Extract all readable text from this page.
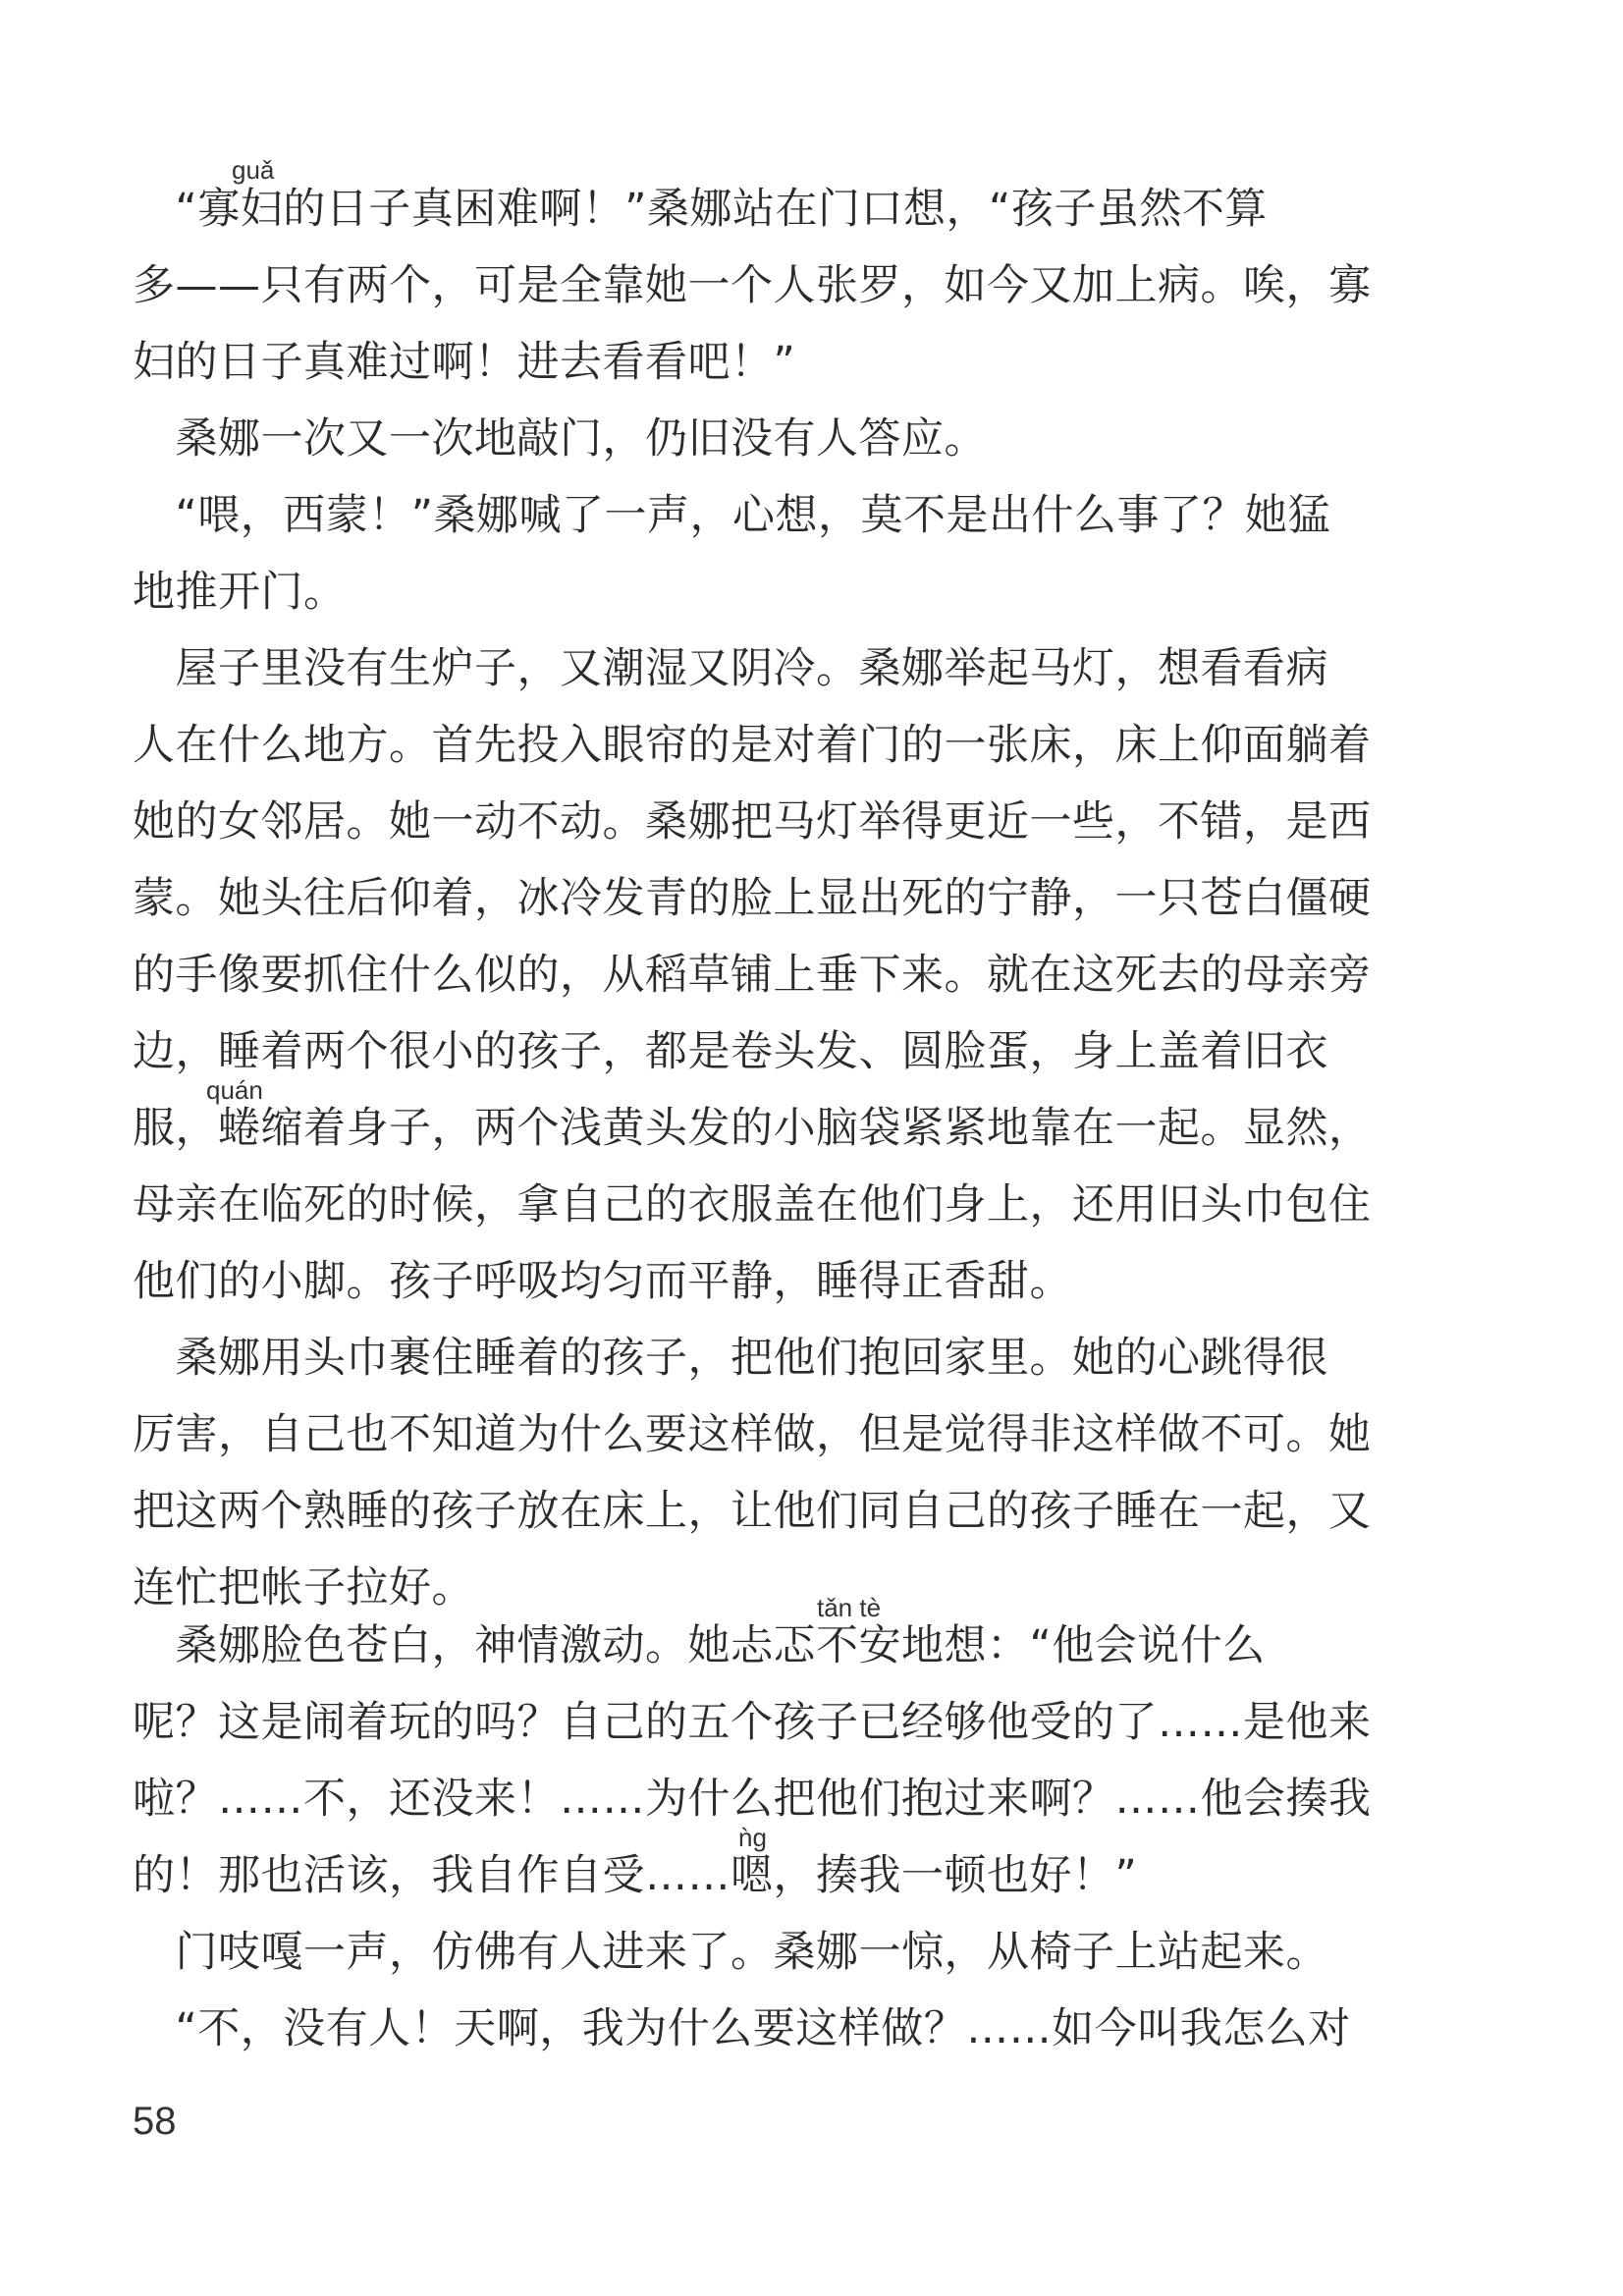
guǎ
　“寡妇的日子真困难啊！”桑娜站在门口想，“孩子虽然不算
多——只有两个，可是全靠她一个人张罗，如今又加上病。唉，寡
妇的日子真难过啊！进去看看吧！”
　桑娜一次又一次地敲门，仍旧没有人答应。
　“喂，西蒙！”桑娜喊了一声，心想，莫不是出什么事了？她猛
地推开门。
　屋子里没有生炉子，又潮湿又阴冷。桑娜举起马灯，想看看病
人在什么地方。首先投入眼帘的是对着门的一张床，床上仰面躺着
她的女邻居。她一动不动。桑娜把马灯举得更近一些，不错，是西
蒙。她头往后仰着，冰冷发青的脸上显出死的宁静，一只苍白僵硬
的手像要抓住什么似的，从稻草铺上垂下来。就在这死去的母亲旁
边，睡着两个很小的孩子，都是卷头发、圆脸蛋，身上盖着旧衣
quán
服，蜷缩着身子，两个浅黄头发的小脑袋紧紧地靠在一起。显然，
母亲在临死的时候，拿自己的衣服盖在他们身上，还用旧头巾包住
他们的小脚。孩子呼吸均匀而平静，睡得正香甜。
　桑娜用头巾裹住睡着的孩子，把他们抱回家里。她的心跳得很
厉害，自己也不知道为什么要这样做，但是觉得非这样做不可。她
把这两个熟睡的孩子放在床上，让他们同自己的孩子睡在一起，又
连忙把帐子拉好。	tǎn tè
　桑娜脸色苍白，神情激动。她忐忑不安地想：“他会说什么
呢？这是闹着玩的吗？自己的五个孩子已经够他受的了……是他来
啦？……不，还没来！……为什么把他们抱过来啊？……他会揍我
ǹg
的！那也活该，我自作自受……嗯，揍我一顿也好！”
　门吱嘎一声，仿佛有人进来了。桑娜一惊，从椅子上站起来。
　“不，没有人！天啊，我为什么要这样做？……如今叫我怎么对
58
